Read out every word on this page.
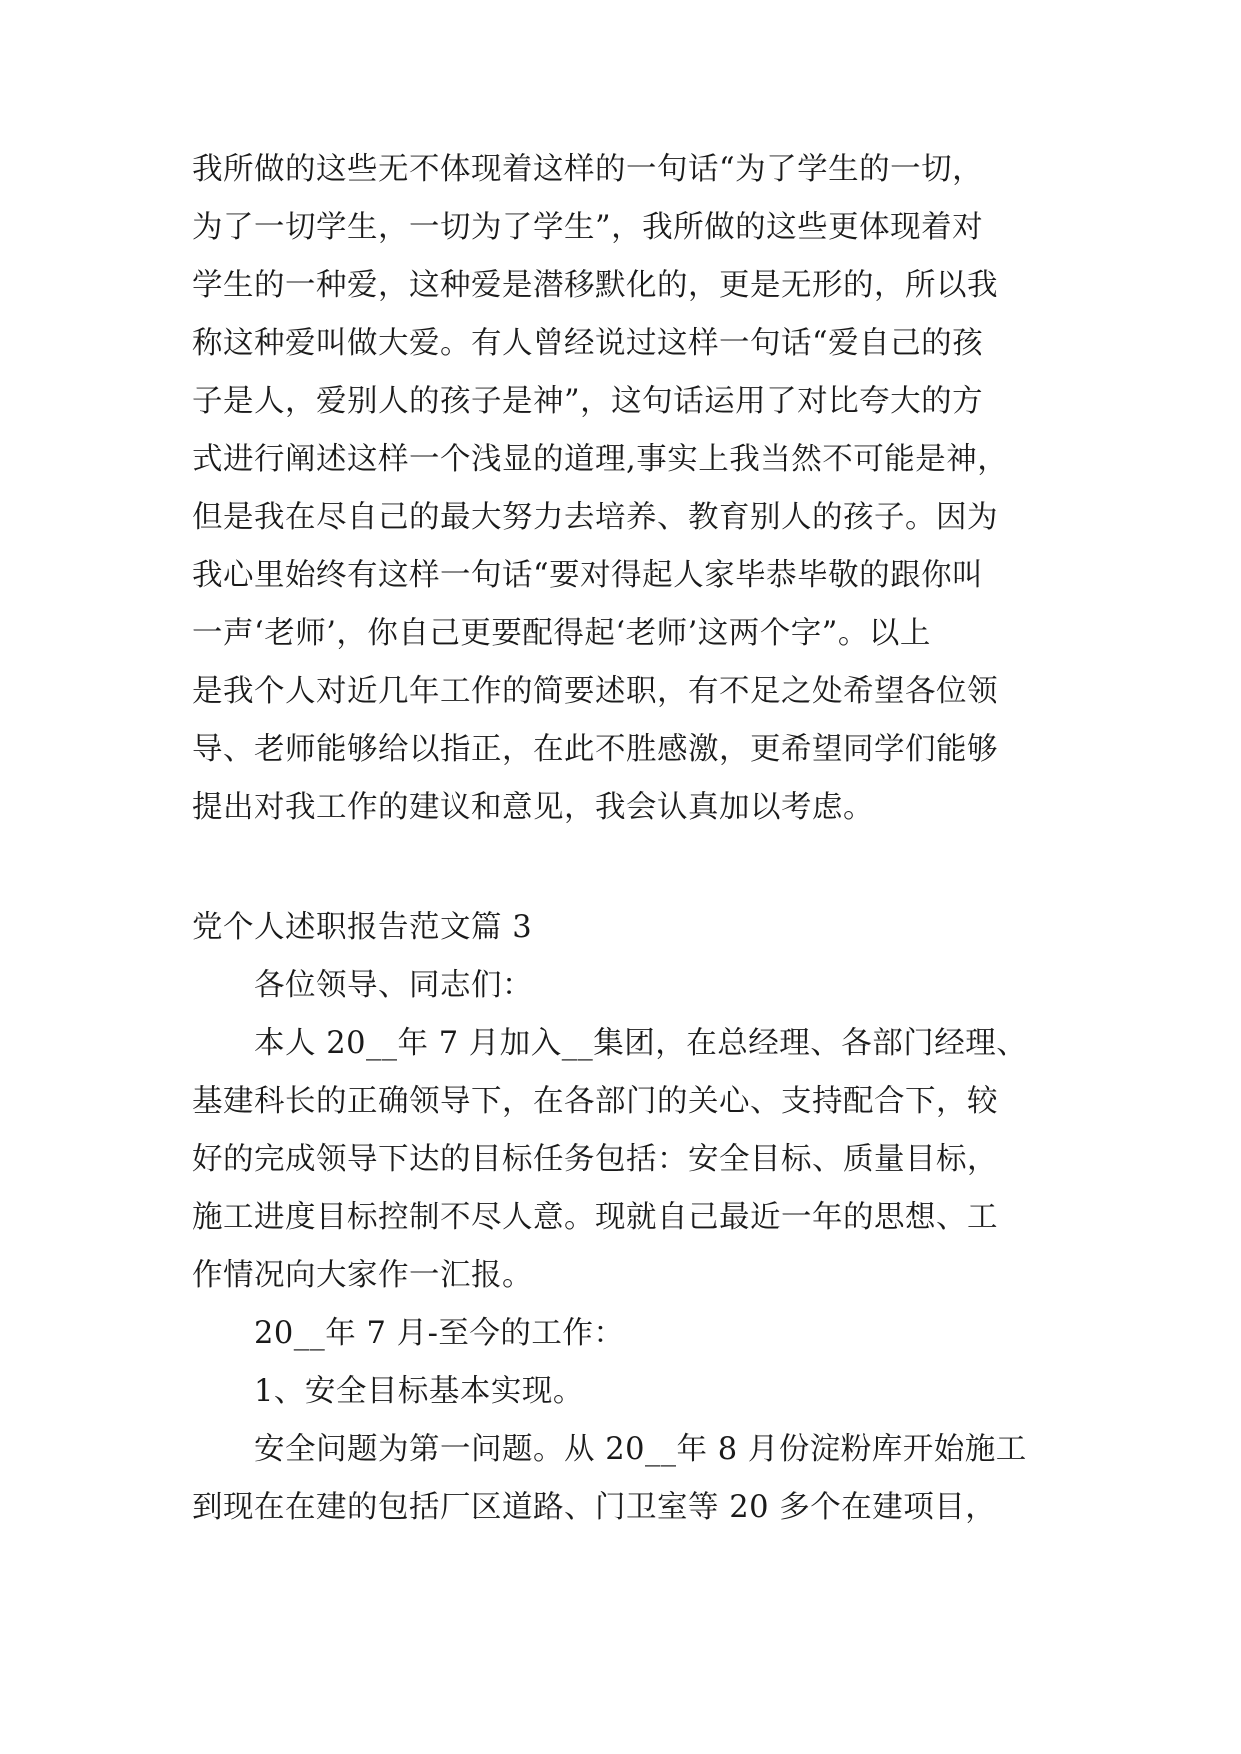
我所做的这些无不体现着这样的一句话“为了学生的一切，
为了一切学生，一切为了学生”，我所做的这些更体现着对
学生的一种爱，这种爱是潜移默化的，更是无形的，所以我
称这种爱叫做大爱。有人曾经说过这样一句话“爱自己的孩
子是人，爱别人的孩子是神”，这句话运用了对比夸大的方
式进行阐述这样一个浅显的道理,事实上我当然不可能是神，
但是我在尽自己的最大努力去培养、教育别人的孩子。因为
我心里始终有这样一句话“要对得起人家毕恭毕敬的跟你叫
一声‘老师’，你自己更要配得起‘老师’这两个字”。以上
是我个人对近几年工作的简要述职，有不足之处希望各位领
导、老师能够给以指正，在此不胜感激，更希望同学们能够
提出对我工作的建议和意见，我会认真加以考虑。
党个人述职报告范文篇 3
各位领导、同志们：
本人 20__年 7 月加入__集团，在总经理、各部门经理、
基建科长的正确领导下，在各部门的关心、支持配合下，较
好的完成领导下达的目标任务包括：安全目标、质量目标，
施工进度目标控制不尽人意。现就自己最近一年的思想、工
作情况向大家作一汇报。
20__年 7 月-至今的工作：
1、安全目标基本实现。
安全问题为第一问题。从 20__年 8 月份淀粉库开始施工
到现在在建的包括厂区道路、门卫室等 20 多个在建项目，
